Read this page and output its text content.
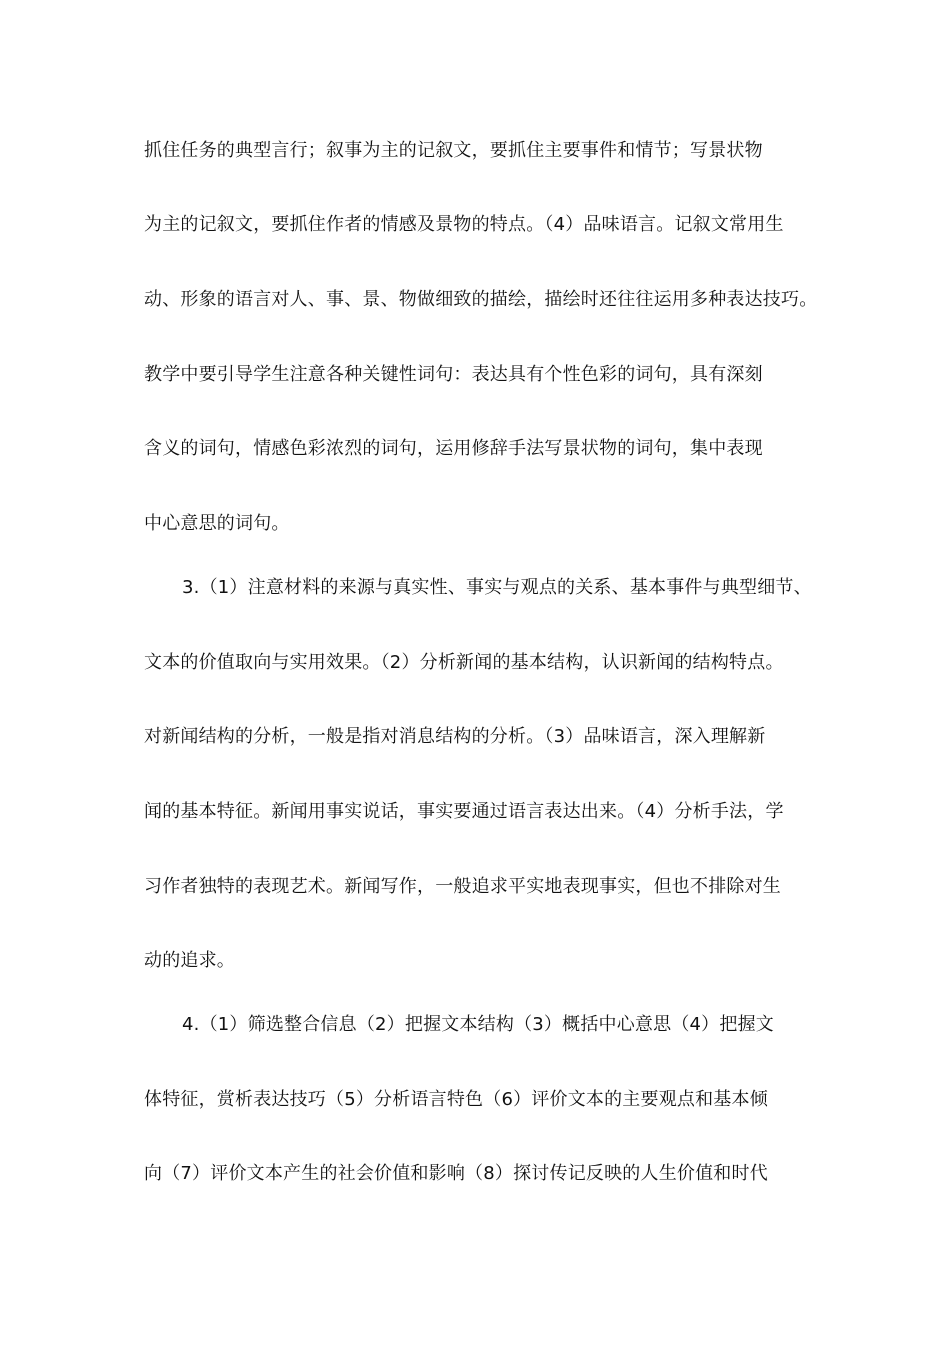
抓住任务的典型言行；叙事为主的记叙文，要抓住主要事件和情节；写景状物
为主的记叙文，要抓住作者的情感及景物的特点。（4）品味语言。记叙文常用生
动、形象的语言对人、事、景、物做细致的描绘，描绘时还往往运用多种表达技巧。
教学中要引导学生注意各种关键性词句：表达具有个性色彩的词句，具有深刻
含义的词句，情感色彩浓烈的词句，运用修辞手法写景状物的词句，集中表现
中心意思的词句。
3.（1）注意材料的来源与真实性、事实与观点的关系、基本事件与典型细节、
文本的价值取向与实用效果。（2）分析新闻的基本结构，认识新闻的结构特点。
对新闻结构的分析，一般是指对消息结构的分析。（3）品味语言，深入理解新
闻的基本特征。新闻用事实说话，事实要通过语言表达出来。（4）分析手法，学
习作者独特的表现艺术。新闻写作，一般追求平实地表现事实，但也不排除对生
动的追求。
4.（1）筛选整合信息（2）把握文本结构（3）概括中心意思（4）把握文
体特征，赏析表达技巧（5）分析语言特色（6）评价文本的主要观点和基本倾
向（7）评价文本产生的社会价值和影响（8）探讨传记反映的人生价值和时代
